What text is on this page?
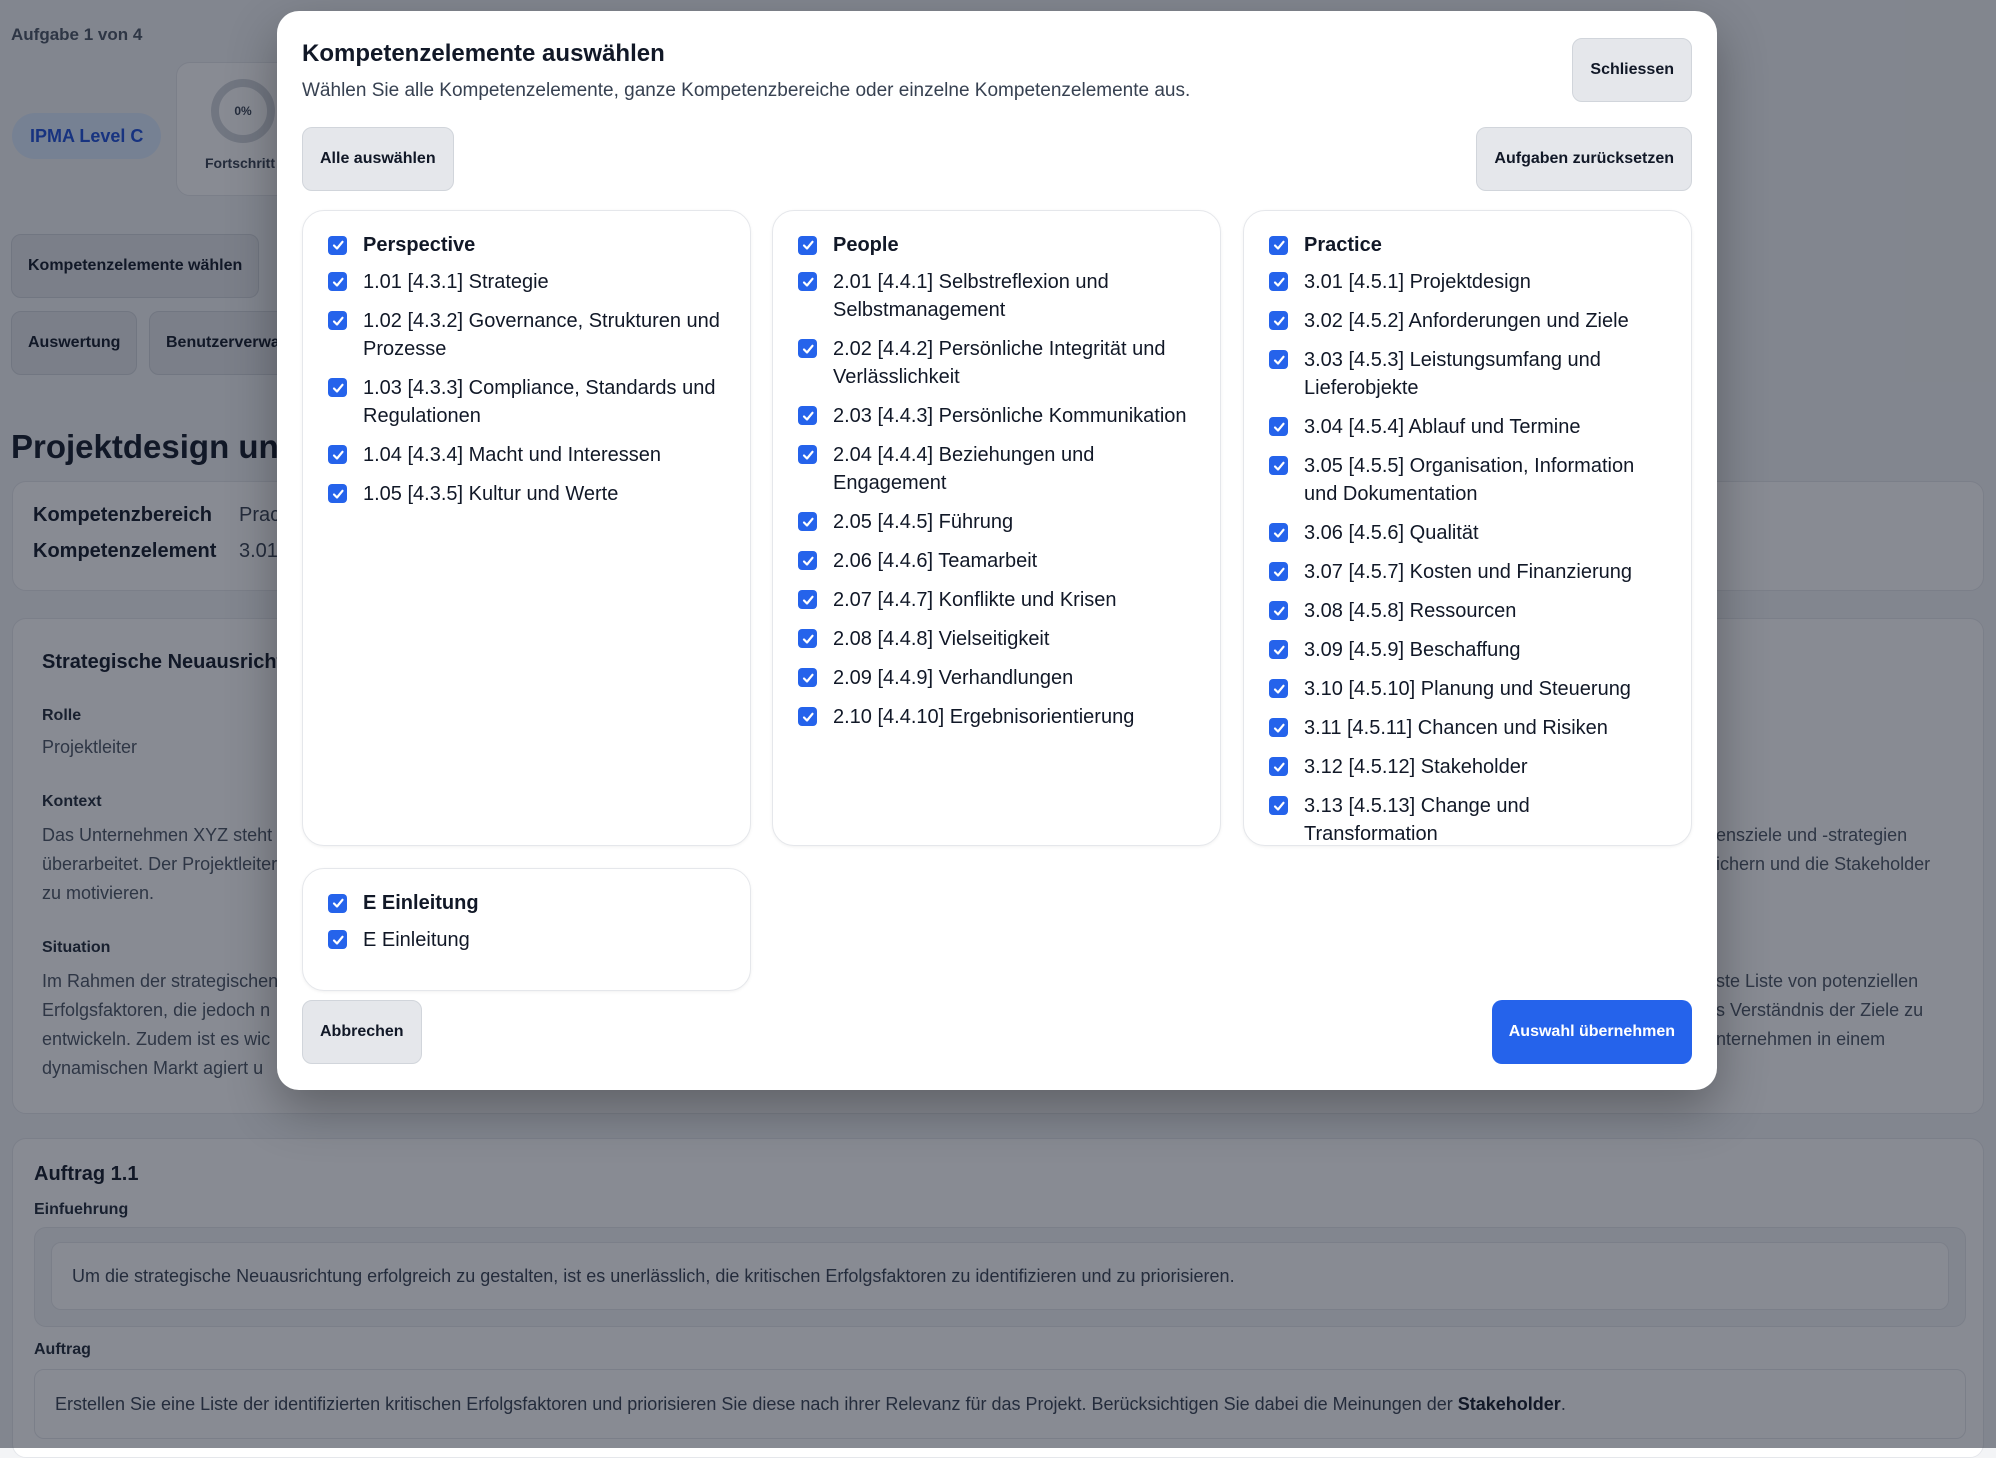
Kompetenzelemente auswählen
Wählen Sie alle Kompetenzelemente, ganze Kompetenzbereiche oder einzelne Kompetenzelemente aus.
Schliessen
Alle auswählen	Aufgaben zurücksetzen
Perspective
1.01 [4.3.1] Strategie
1.02 [4.3.2] Governance, Strukturen und Prozesse
1.03 [4.3.3] Compliance, Standards und Regulationen
1.04 [4.3.4] Macht und Interessen
1.05 [4.3.5] Kultur und Werte
People
2.01 [4.4.1] Selbstreflexion und Selbstmanagement
2.02 [4.4.2] Persönliche Integrität und Verlässlichkeit
2.03 [4.4.3] Persönliche Kommunikation
2.04 [4.4.4] Beziehungen und Engagement
2.05 [4.4.5] Führung
2.06 [4.4.6] Teamarbeit
2.07 [4.4.7] Konflikte und Krisen
2.08 [4.4.8] Vielseitigkeit
2.09 [4.4.9] Verhandlungen
2.10 [4.4.10] Ergebnisorientierung
Practice
3.01 [4.5.1] Projektdesign
3.02 [4.5.2] Anforderungen und Ziele
3.03 [4.5.3] Leistungsumfang und Lieferobjekte
3.04 [4.5.4] Ablauf und Termine
3.05 [4.5.5] Organisation, Information und Dokumentation
3.06 [4.5.6] Qualität
3.07 [4.5.7] Kosten und Finanzierung
3.08 [4.5.8] Ressourcen
3.09 [4.5.9] Beschaffung
3.10 [4.5.10] Planung und Steuerung
3.11 [4.5.11] Chancen und Risiken
3.12 [4.5.12] Stakeholder
3.13 [4.5.13] Change und Transformation
E Einleitung
E Einleitung
Abbrechen	Auswahl übernehmen
